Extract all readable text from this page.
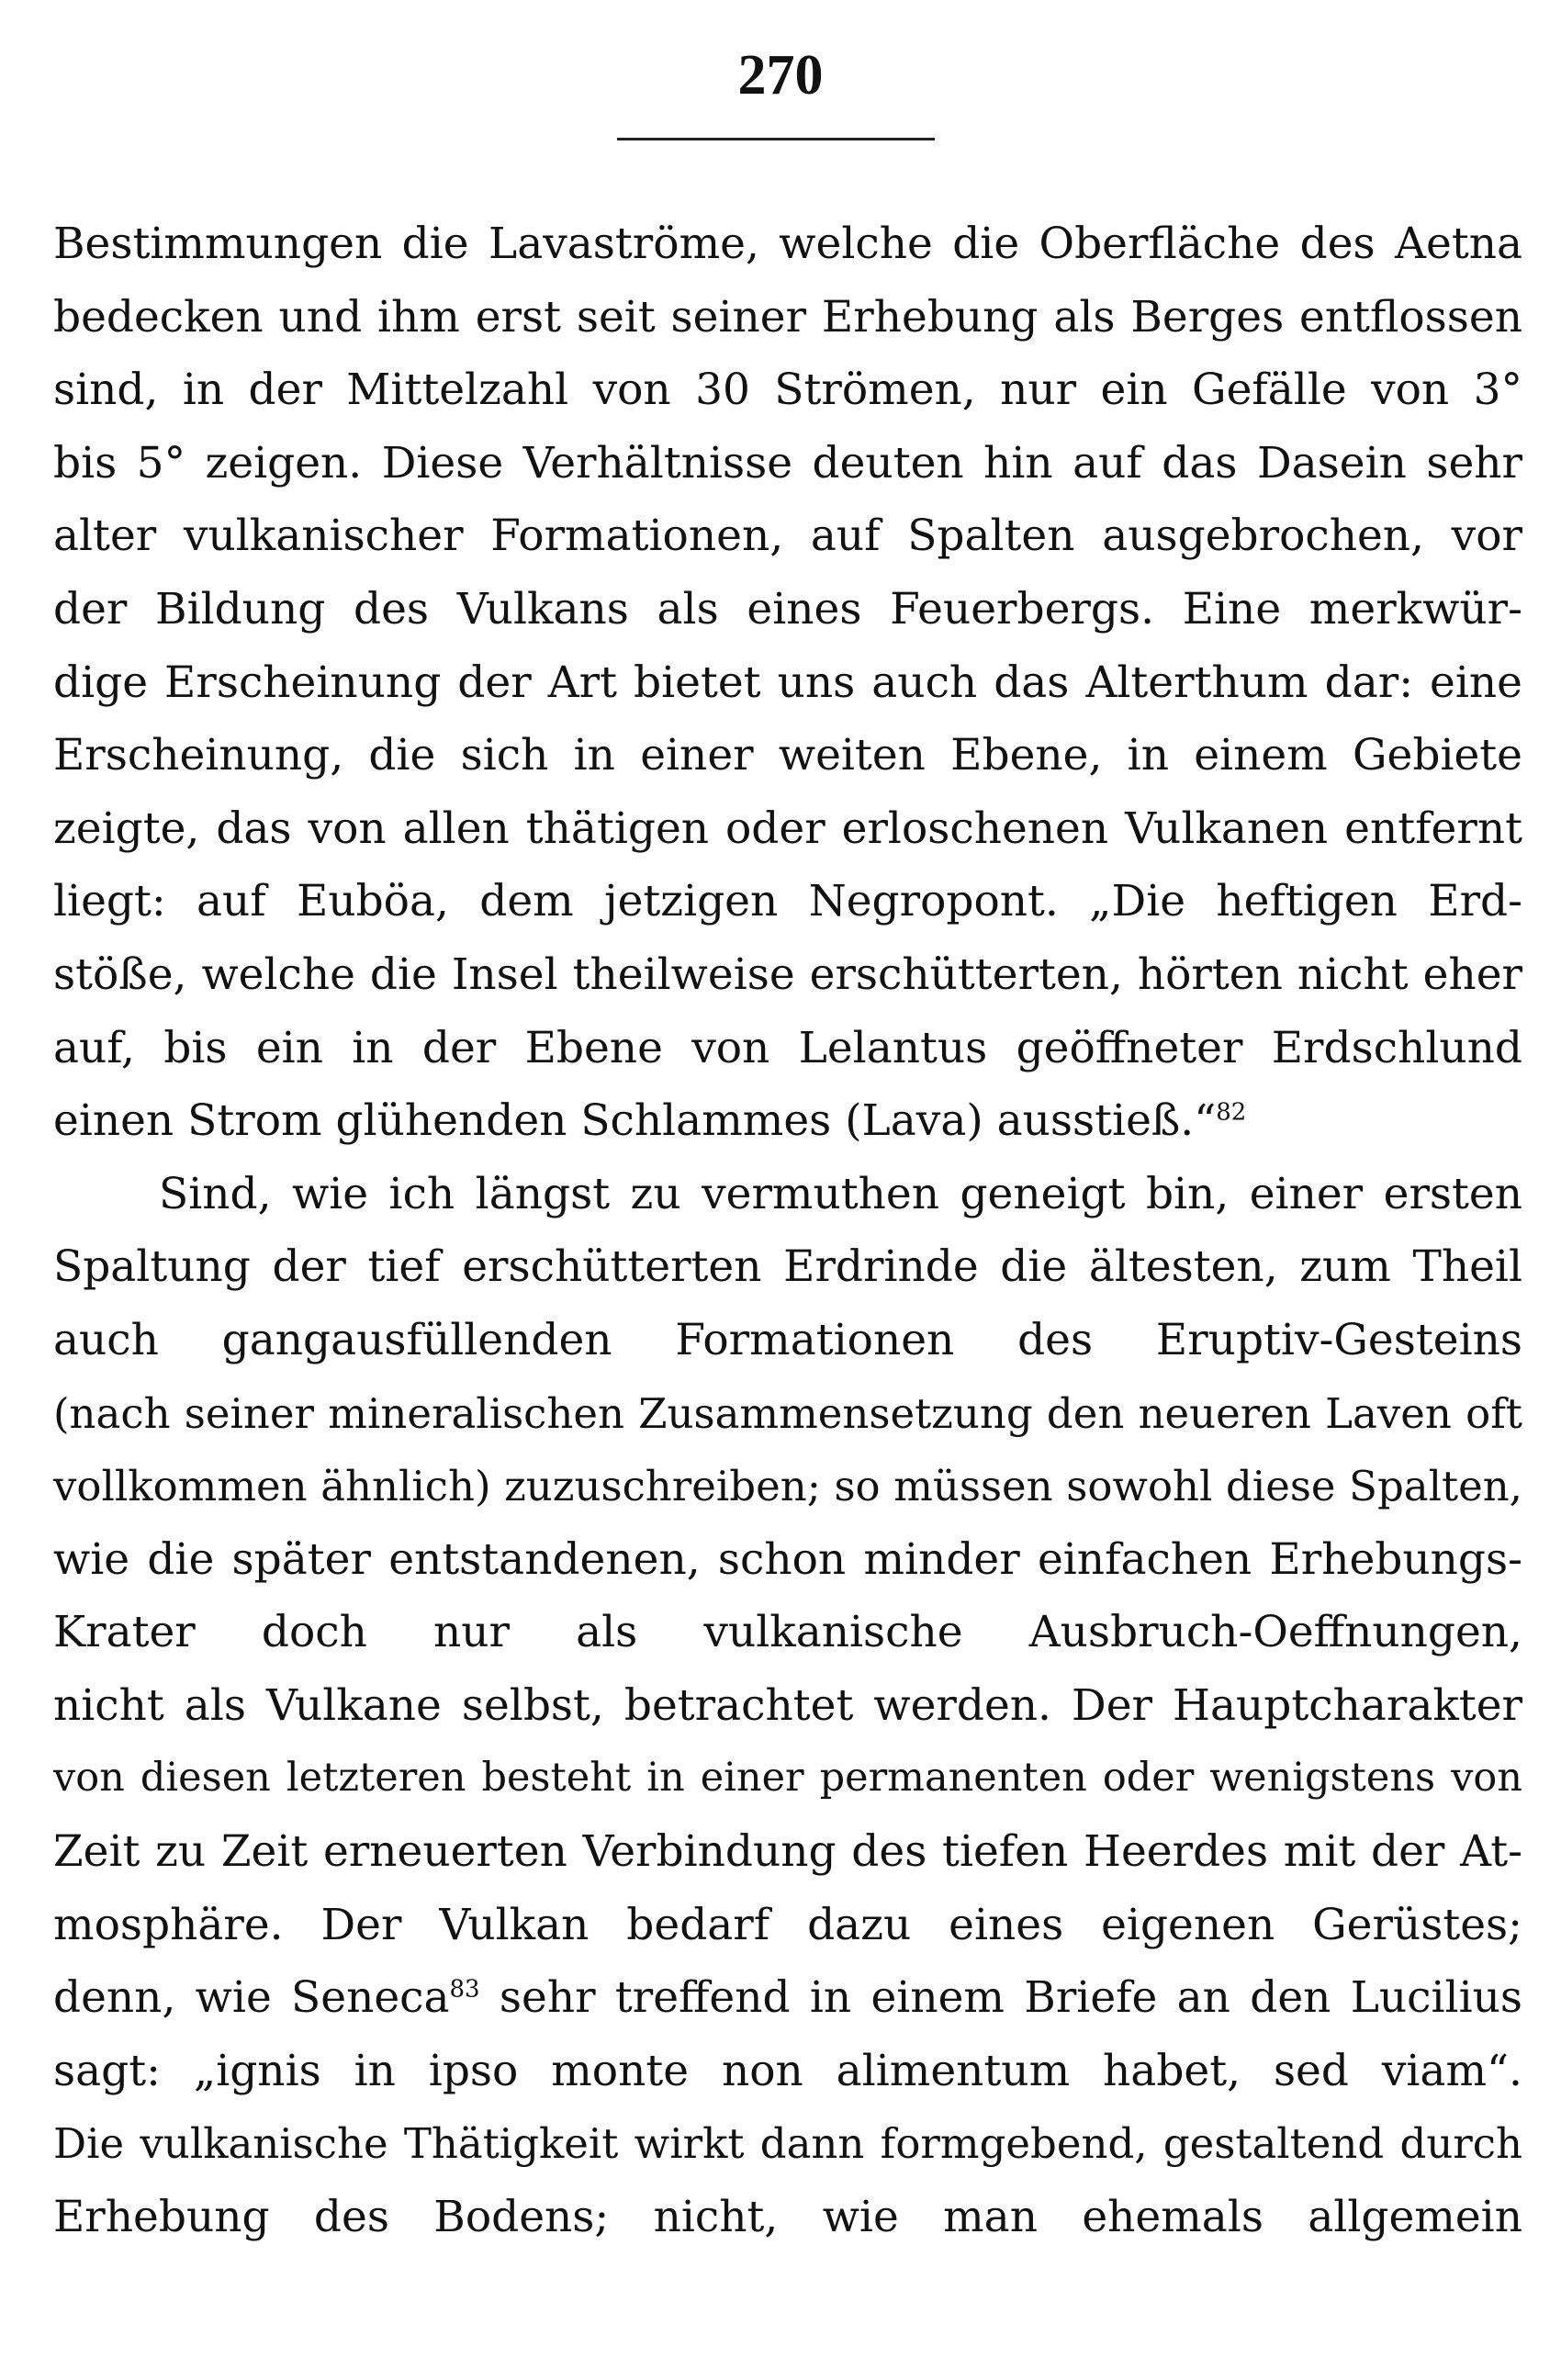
270
Bestimmungen die Lavaströme, welche die Oberfläche des Aetna
bedecken und ihm erst seit seiner Erhebung als Berges entflossen
sind, in der Mittelzahl von 30 Strömen, nur ein Gefälle von 3°
bis 5° zeigen. Diese Verhältnisse deuten hin auf das Dasein sehr
alter vulkanischer Formationen, auf Spalten ausgebrochen, vor
der Bildung des Vulkans als eines Feuerbergs. Eine merkwür-
dige Erscheinung der Art bietet uns auch das Alterthum dar: eine
Erscheinung, die sich in einer weiten Ebene, in einem Gebiete
zeigte, das von allen thätigen oder erloschenen Vulkanen entfernt
liegt: auf Euböa, dem jetzigen Negropont. „Die heftigen Erd-
stöße, welche die Insel theilweise erschütterten, hörten nicht eher
auf, bis ein in der Ebene von Lelantus geöffneter Erdschlund
einen Strom glühenden Schlammes (Lava) ausstieß.“$^{82}$
Sind, wie ich längst zu vermuthen geneigt bin, einer ersten
Spaltung der tief erschütterten Erdrinde die ältesten, zum Theil
auch gangausfüllenden Formationen des Eruptiv-Gesteins
(nach seiner mineralischen Zusammensetzung den neueren Laven oft
vollkommen ähnlich) zuzuschreiben; so müssen sowohl diese Spalten,
wie die später entstandenen, schon minder einfachen Erhebungs-
Krater doch nur als vulkanische Ausbruch-Oeffnungen,
nicht als Vulkane selbst, betrachtet werden. Der Hauptcharakter
von diesen letzteren besteht in einer permanenten oder wenigstens von
Zeit zu Zeit erneuerten Verbindung des tiefen Heerdes mit der At-
mosphäre. Der Vulkan bedarf dazu eines eigenen Gerüstes;
denn, wie Seneca$^{83}$ sehr treffend in einem Briefe an den Lucilius
sagt: „ignis in ipso monte non alimentum habet, sed viam“.
Die vulkanische Thätigkeit wirkt dann formgebend, gestaltend durch
Erhebung des Bodens; nicht, wie man ehemals allgemein
